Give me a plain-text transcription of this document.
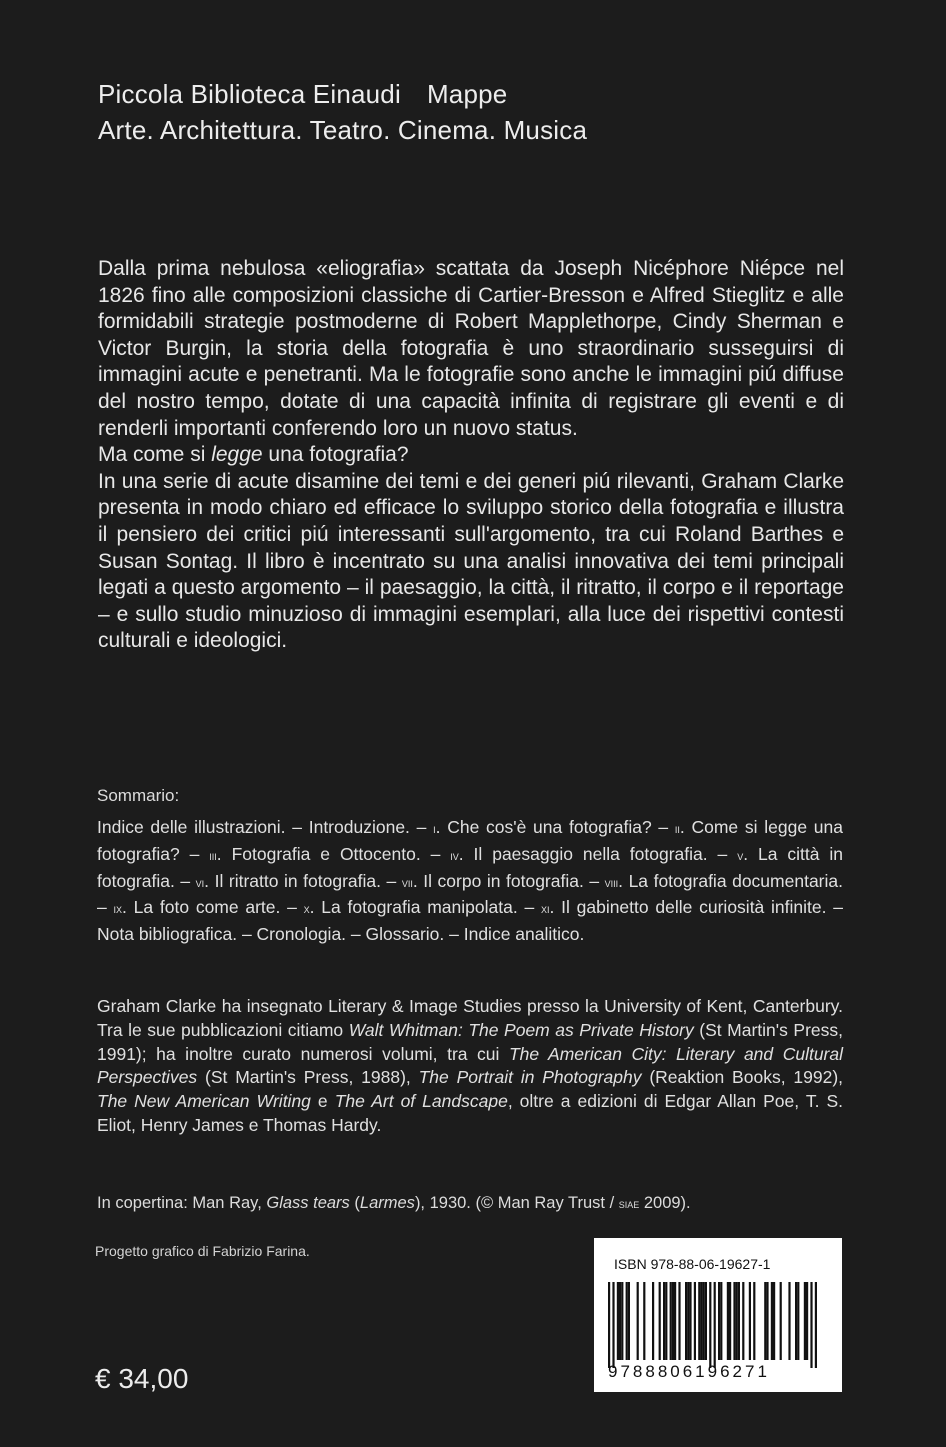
Piccola Biblioteca Einaudi Mappe
Arte. Architettura. Teatro. Cinema. Musica

Dalla prima nebulosa «eliografia» scattata da Joseph Nicéphore Niépce nel 1826 fino alle composizioni classiche di Cartier-Bresson e Alfred Stieglitz e alle formidabili strategie postmoderne di Robert Mapplethorpe, Cindy Sherman e Victor Burgin, la storia della fotografia è uno straordinario susseguirsi di immagini acute e penetranti. Ma le fotografie sono anche le immagini piú diffuse del nostro tempo, dotate di una capacità infinita di registrare gli eventi e di renderli importanti conferendo loro un nuovo status.

Ma come si legge una fotografia?

In una serie di acute disamine dei temi e dei generi piú rilevanti, Graham Clarke presenta in modo chiaro ed efficace lo sviluppo storico della fotografia e illustra il pensiero dei critici piú interessanti sull'argomento, tra cui Roland Barthes e Susan Sontag. Il libro è incentrato su una analisi innovativa dei temi principali legati a questo argomento – il paesaggio, la città, il ritratto, il corpo e il reportage – e sullo studio minuzioso di immagini esemplari, alla luce dei rispettivi contesti culturali e ideologici.

Sommario:

Indice delle illustrazioni. – Introduzione. – i. Che cos'è una fotografia? – ii. Come si legge una fotografia? – iii. Fotografia e Ottocento. – iv. Il paesaggio nella fotografia. – v. La città in fotografia. – vi. Il ritratto in fotografia. – vii. Il corpo in fotografia. – viii. La fotografia documentaria. – ix. La foto come arte. – x. La fotografia manipolata. – xi. Il gabinetto delle curiosità infinite. – Nota bibliografica. – Cronologia. – Glossario. – Indice analitico.

Graham Clarke ha insegnato Literary & Image Studies presso la University of Kent, Canterbury. Tra le sue pubblicazioni citiamo Walt Whitman: The Poem as Private History (St Martin's Press, 1991); ha inoltre curato numerosi volumi, tra cui The American City: Literary and Cultural Perspectives (St Martin's Press, 1988), The Portrait in Photography (Reaktion Books, 1992), The New American Writing e The Art of Landscape, oltre a edizioni di Edgar Allan Poe, T. S. Eliot, Henry James e Thomas Hardy.

In copertina: Man Ray, Glass tears (Larmes), 1930. (© Man Ray Trust / siae 2009).
Progetto grafico di Fabrizio Farina.
€ 34,00
ISBN 978-88-06-19627-1
9788806196271
